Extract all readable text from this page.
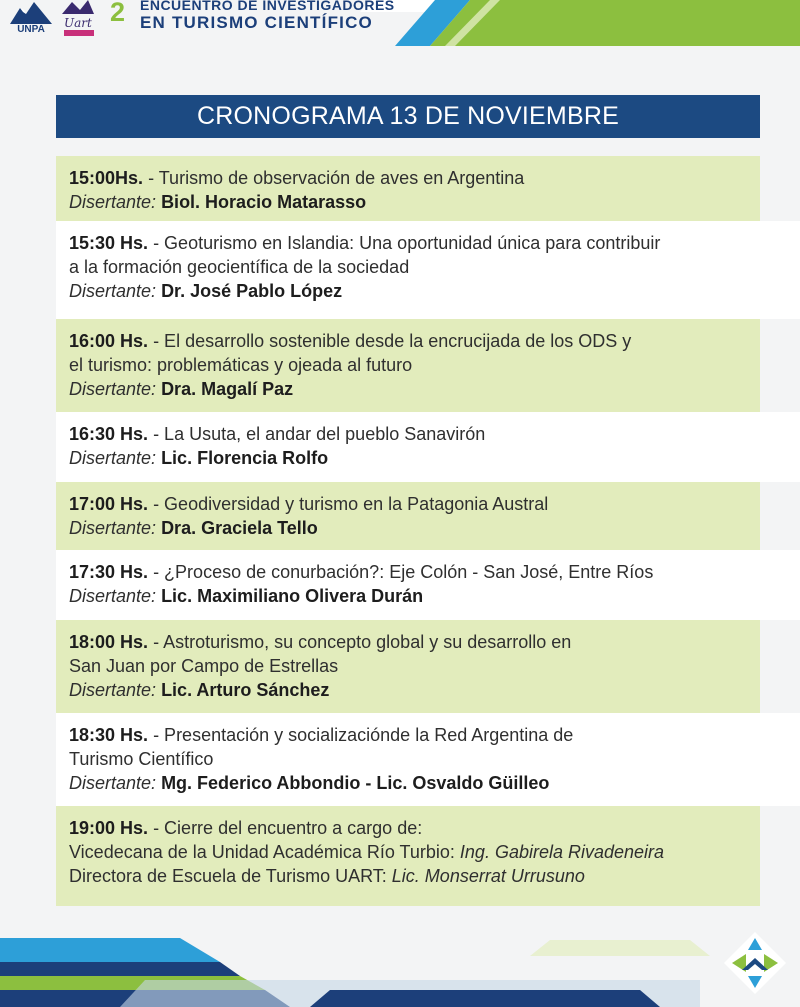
UNPA	Uart 2 ENCUENTRO DE INVESTIGADORES
EN TURISMO CIENTÍFICO
CRONOGRAMA 13 DE NOVIEMBRE
15:00Hs. - Turismo de observación de aves en Argentina
Disertante: Biol. Horacio Matarasso
15:30 Hs. - Geoturismo en Islandia: Una oportunidad única para contribuir
a la formación geocientífica de la sociedad
Disertante: Dr. José Pablo López
16:00 Hs. - El desarrollo sostenible desde la encrucijada de los ODS y
el turismo: problemáticas y ojeada al futuro
Disertante: Dra. Magalí Paz
16:30 Hs. - La Usuta, el andar del pueblo Sanavirón
Disertante: Lic. Florencia Rolfo
17:00 Hs. - Geodiversidad y turismo en la Patagonia Austral
Disertante: Dra. Graciela Tello
17:30 Hs. - ¿Proceso de conurbación?: Eje Colón - San José, Entre Ríos
Disertante: Lic. Maximiliano Olivera Durán
18:00 Hs. - Astroturismo, su concepto global y su desarrollo en
San Juan por Campo de Estrellas
Disertante: Lic. Arturo Sánchez
18:30 Hs. - Presentación y socializaciónde la Red Argentina de
Turismo Científico
Disertante: Mg. Federico Abbondio - Lic. Osvaldo Güilleo
19:00 Hs. - Cierre del encuentro a cargo de:
Vicedecana de la Unidad Académica Río Turbio: Ing. Gabirela Rivadeneira
Directora de Escuela de Turismo UART: Lic. Monserrat Urrusuno
